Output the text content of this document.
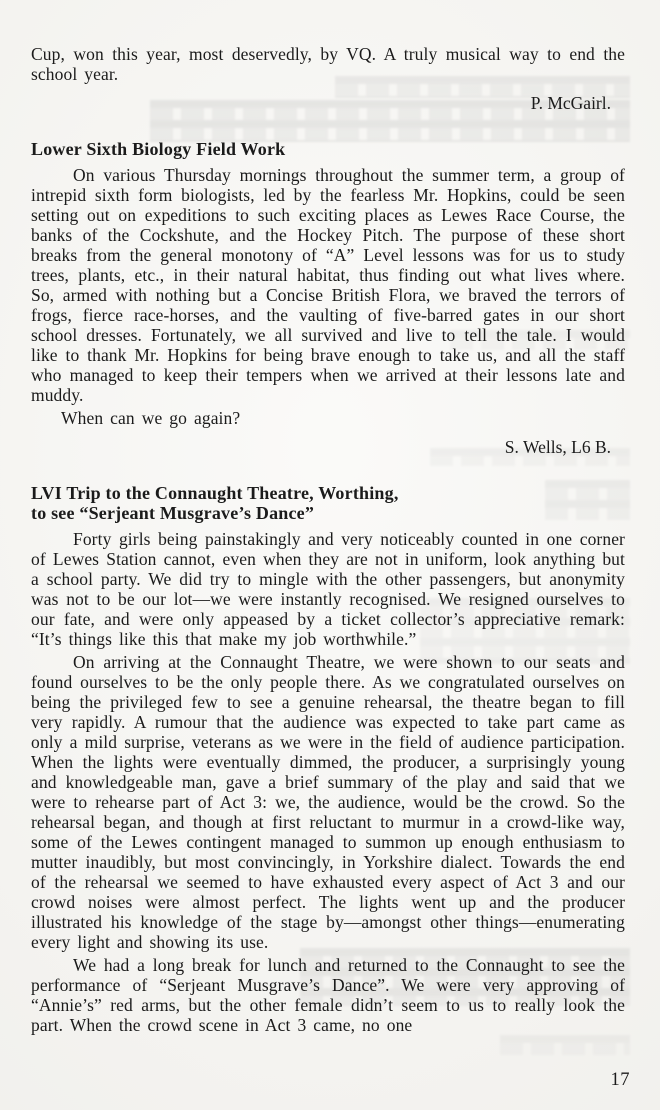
Cup, won this year, most deservedly, by VQ. A truly musical way to end the school year.

P. McGairl.
Lower Sixth Biology Field Work

On various Thursday mornings throughout the summer term, a group of intrepid sixth form biologists, led by the fearless Mr. Hopkins, could be seen setting out on expeditions to such exciting places as Lewes Race Course, the banks of the Cockshute, and the Hockey Pitch. The purpose of these short breaks from the general monotony of “A” Level lessons was for us to study trees, plants, etc., in their natural habitat, thus finding out what lives where. So, armed with nothing but a Concise British Flora, we braved the terrors of frogs, fierce race-horses, and the vaulting of five-barred gates in our short school dresses. Fortunately, we all survived and live to tell the tale. I would like to thank Mr. Hopkins for being brave enough to take us, and all the staff who managed to keep their tempers when we arrived at their lessons late and muddy.

When can we go again?

S. Wells, L6 B.
LVI Trip to the Connaught Theatre, Worthing,
to see “Serjeant Musgrave’s Dance”

Forty girls being painstakingly and very noticeably counted in one corner of Lewes Station cannot, even when they are not in uniform, look anything but a school party. We did try to mingle with the other passengers, but anonymity was not to be our lot—we were instantly recognised. We resigned ourselves to our fate, and were only appeased by a ticket collector’s appreciative remark: “It’s things like this that make my job worthwhile.”

On arriving at the Connaught Theatre, we were shown to our seats and found ourselves to be the only people there. As we congratulated ourselves on being the privileged few to see a genuine rehearsal, the theatre began to fill very rapidly. A rumour that the audience was expected to take part came as only a mild surprise, veterans as we were in the field of audience participation. When the lights were eventually dimmed, the producer, a surprisingly young and knowledgeable man, gave a brief summary of the play and said that we were to rehearse part of Act 3: we, the audience, would be the crowd. So the rehearsal began, and though at first reluctant to murmur in a crowd-like way, some of the Lewes contingent managed to summon up enough enthusiasm to mutter inaudibly, but most convincingly, in Yorkshire dialect. Towards the end of the rehearsal we seemed to have exhausted every aspect of Act 3 and our crowd noises were almost perfect. The lights went up and the producer illustrated his knowledge of the stage by—amongst other things—enumerating every light and showing its use.

We had a long break for lunch and returned to the Connaught to see the performance of “Serjeant Musgrave’s Dance”. We were very approving of “Annie’s” red arms, but the other female didn’t seem to us to really look the part. When the crowd scene in Act 3 came, no one

17
